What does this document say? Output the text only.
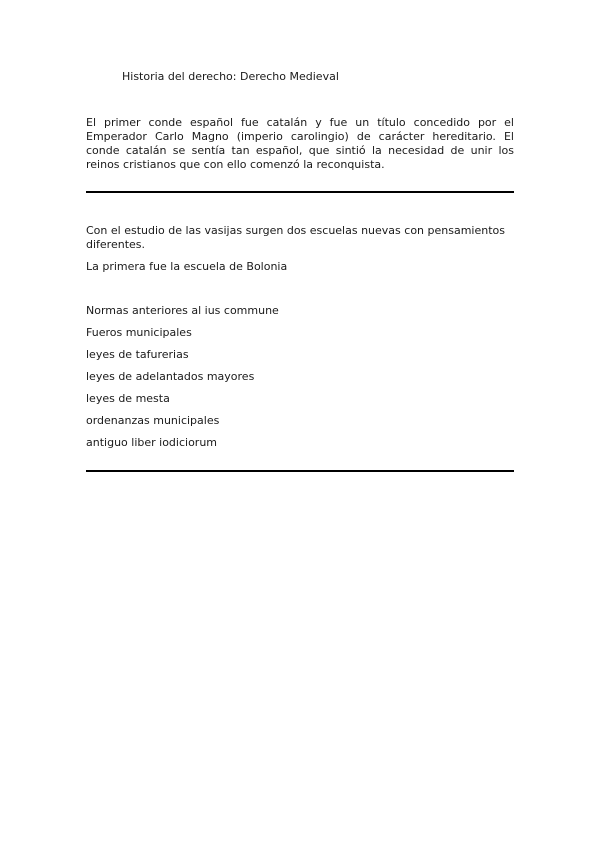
Historia del derecho: Derecho Medieval
El primer conde español fue catalán y fue un título concedido por el Emperador Carlo Magno (imperio carolingio) de carácter hereditario. El conde catalán se sentía tan español, que sintió la necesidad de unir los reinos cristianos que con ello comenzó la reconquista.
Con el estudio de las vasijas surgen dos escuelas nuevas con pensamientos diferentes.
La primera fue la escuela de Bolonia
Normas anteriores al ius commune
Fueros municipales
leyes de tafurerias
leyes de adelantados mayores
leyes de mesta
ordenanzas municipales
antiguo liber iodiciorum
